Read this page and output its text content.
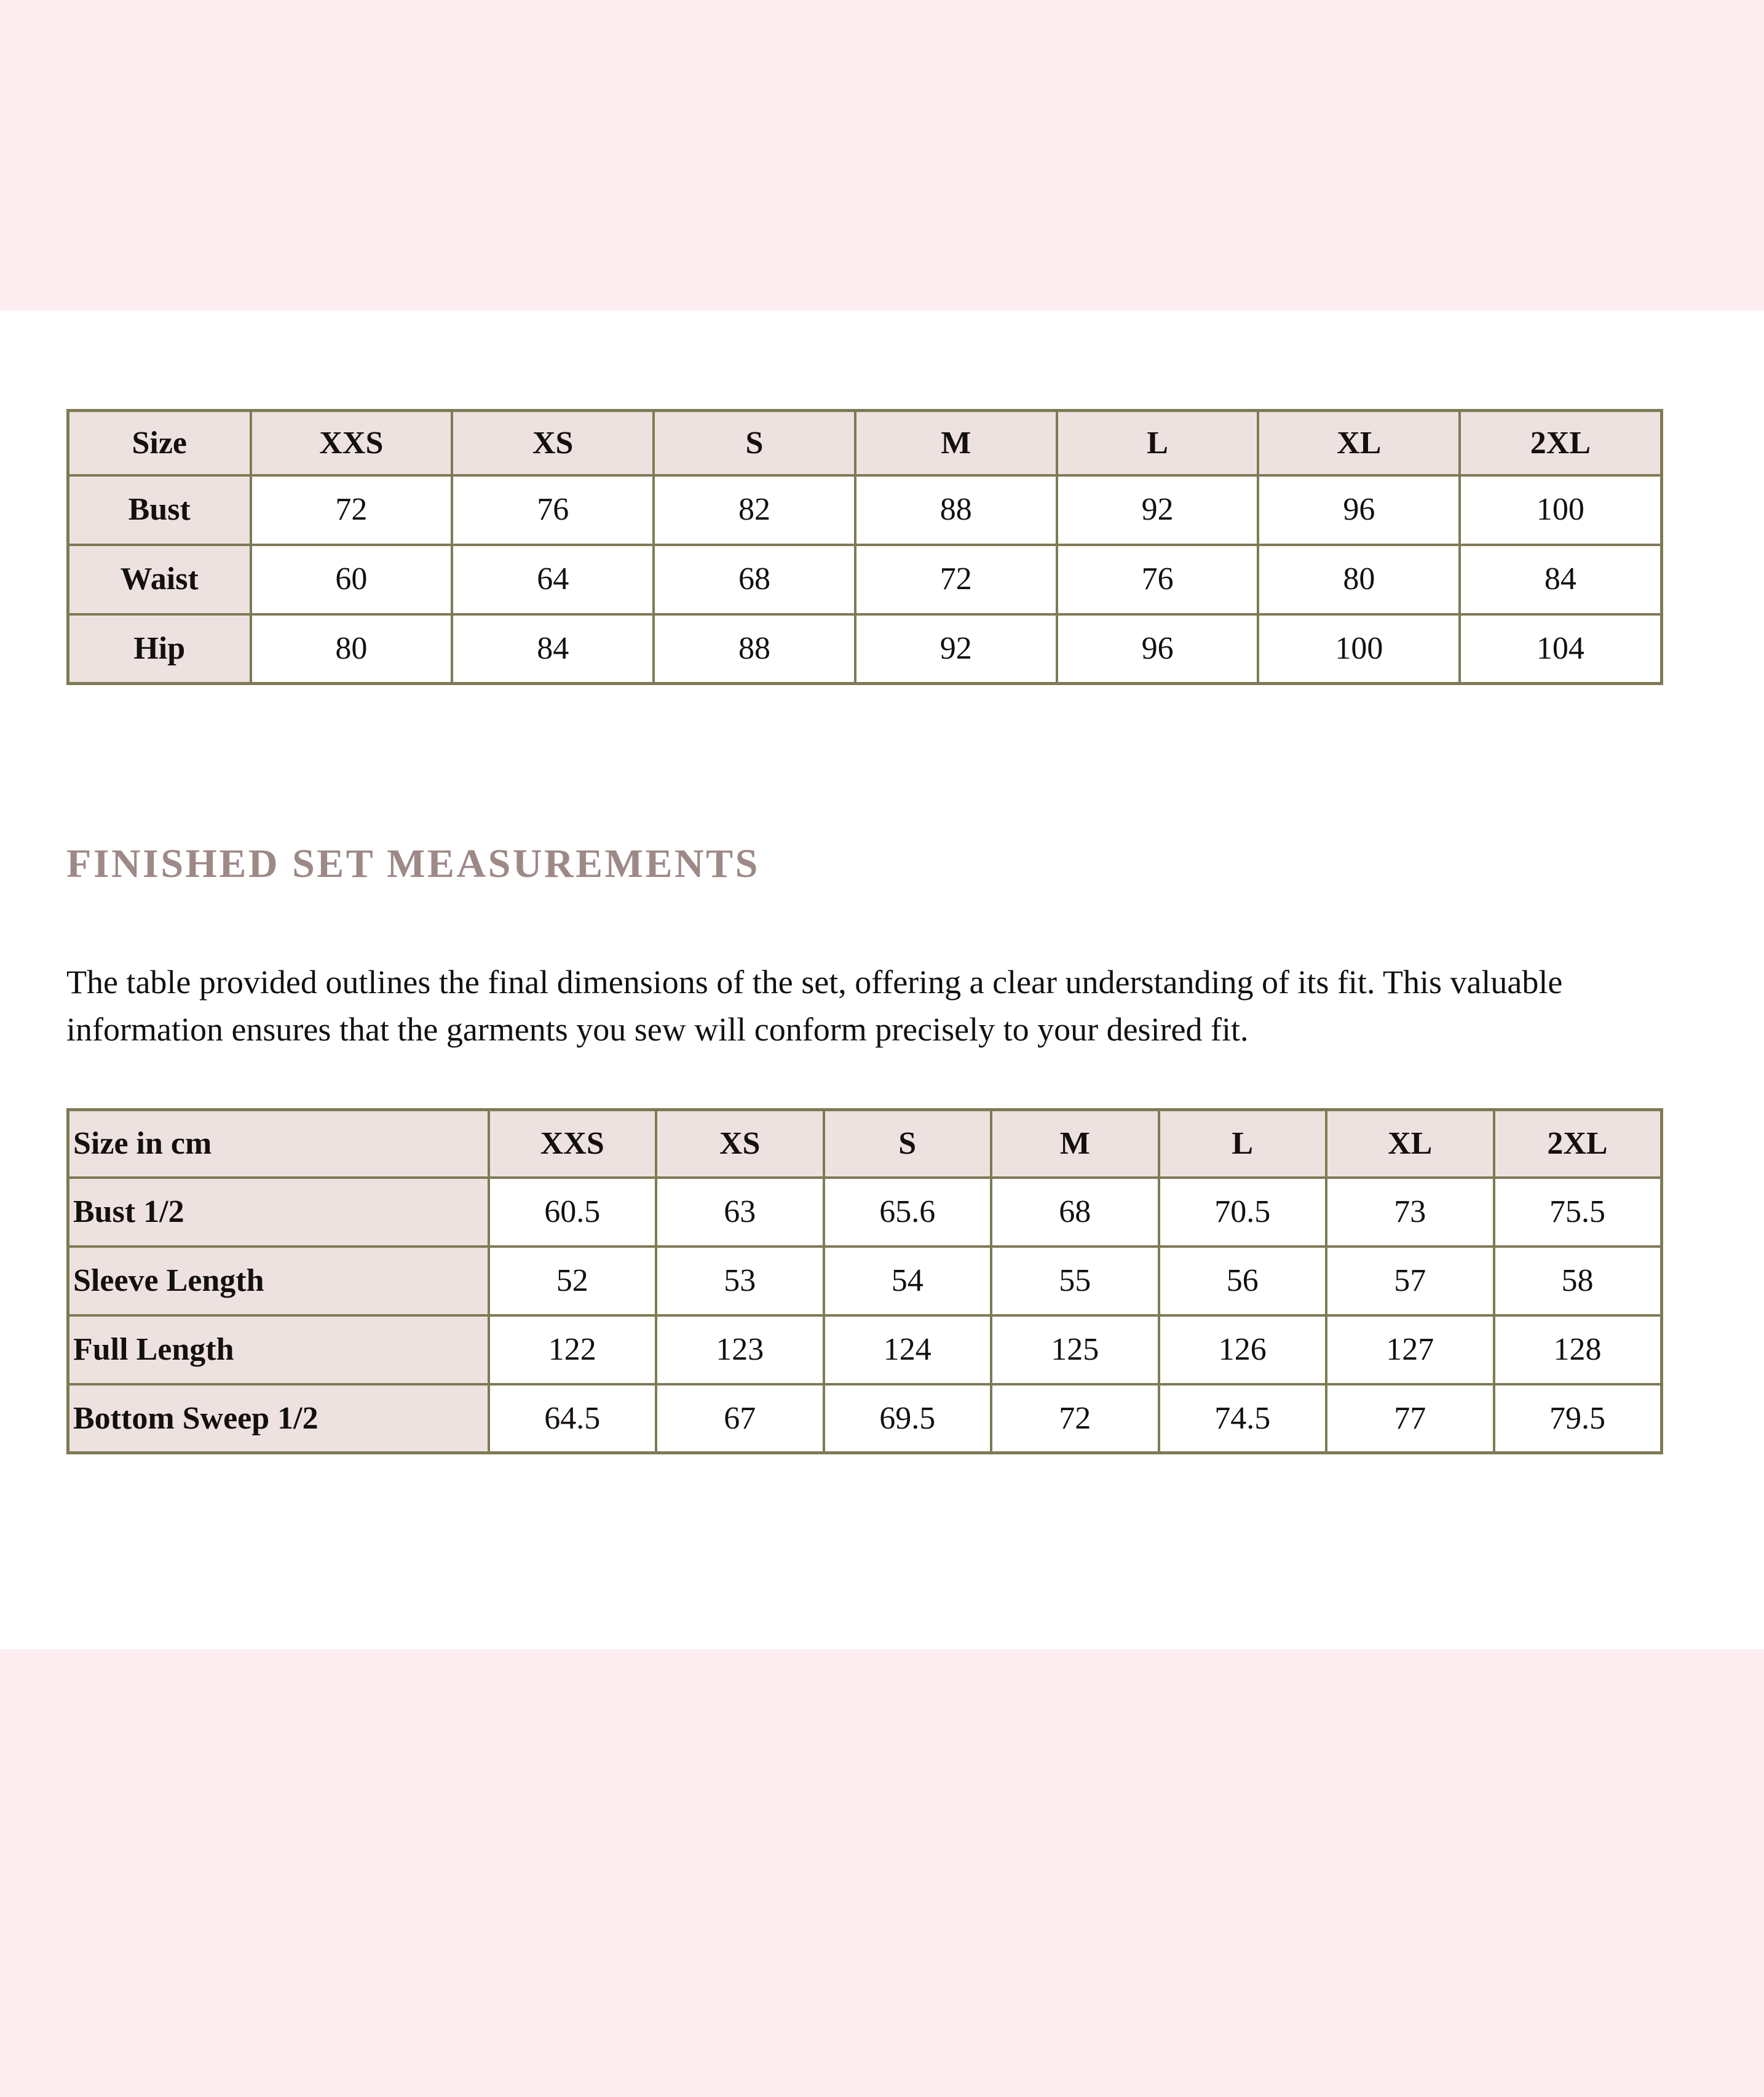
Size	XXS	XS	S	M	L	XL	2XL
Bust	72	76	82	88	92	96	100
Waist	60	64	68	72	76	80	84
Hip	80	84	88	92	96	100	104
FINISHED SET MEASUREMENTS

The table provided outlines the final dimensions of the set, offering a clear understanding of its fit. This valuable information ensures that the garments you sew will conform precisely to your desired fit.

Size in cm	XXS	XS	S	M	L	XL	2XL
Bust 1/2	60.5	63	65.6	68	70.5	73	75.5
Sleeve Length	52	53	54	55	56	57	58
Full Length	122	123	124	125	126	127	128
Bottom Sweep 1/2	64.5	67	69.5	72	74.5	77	79.5
